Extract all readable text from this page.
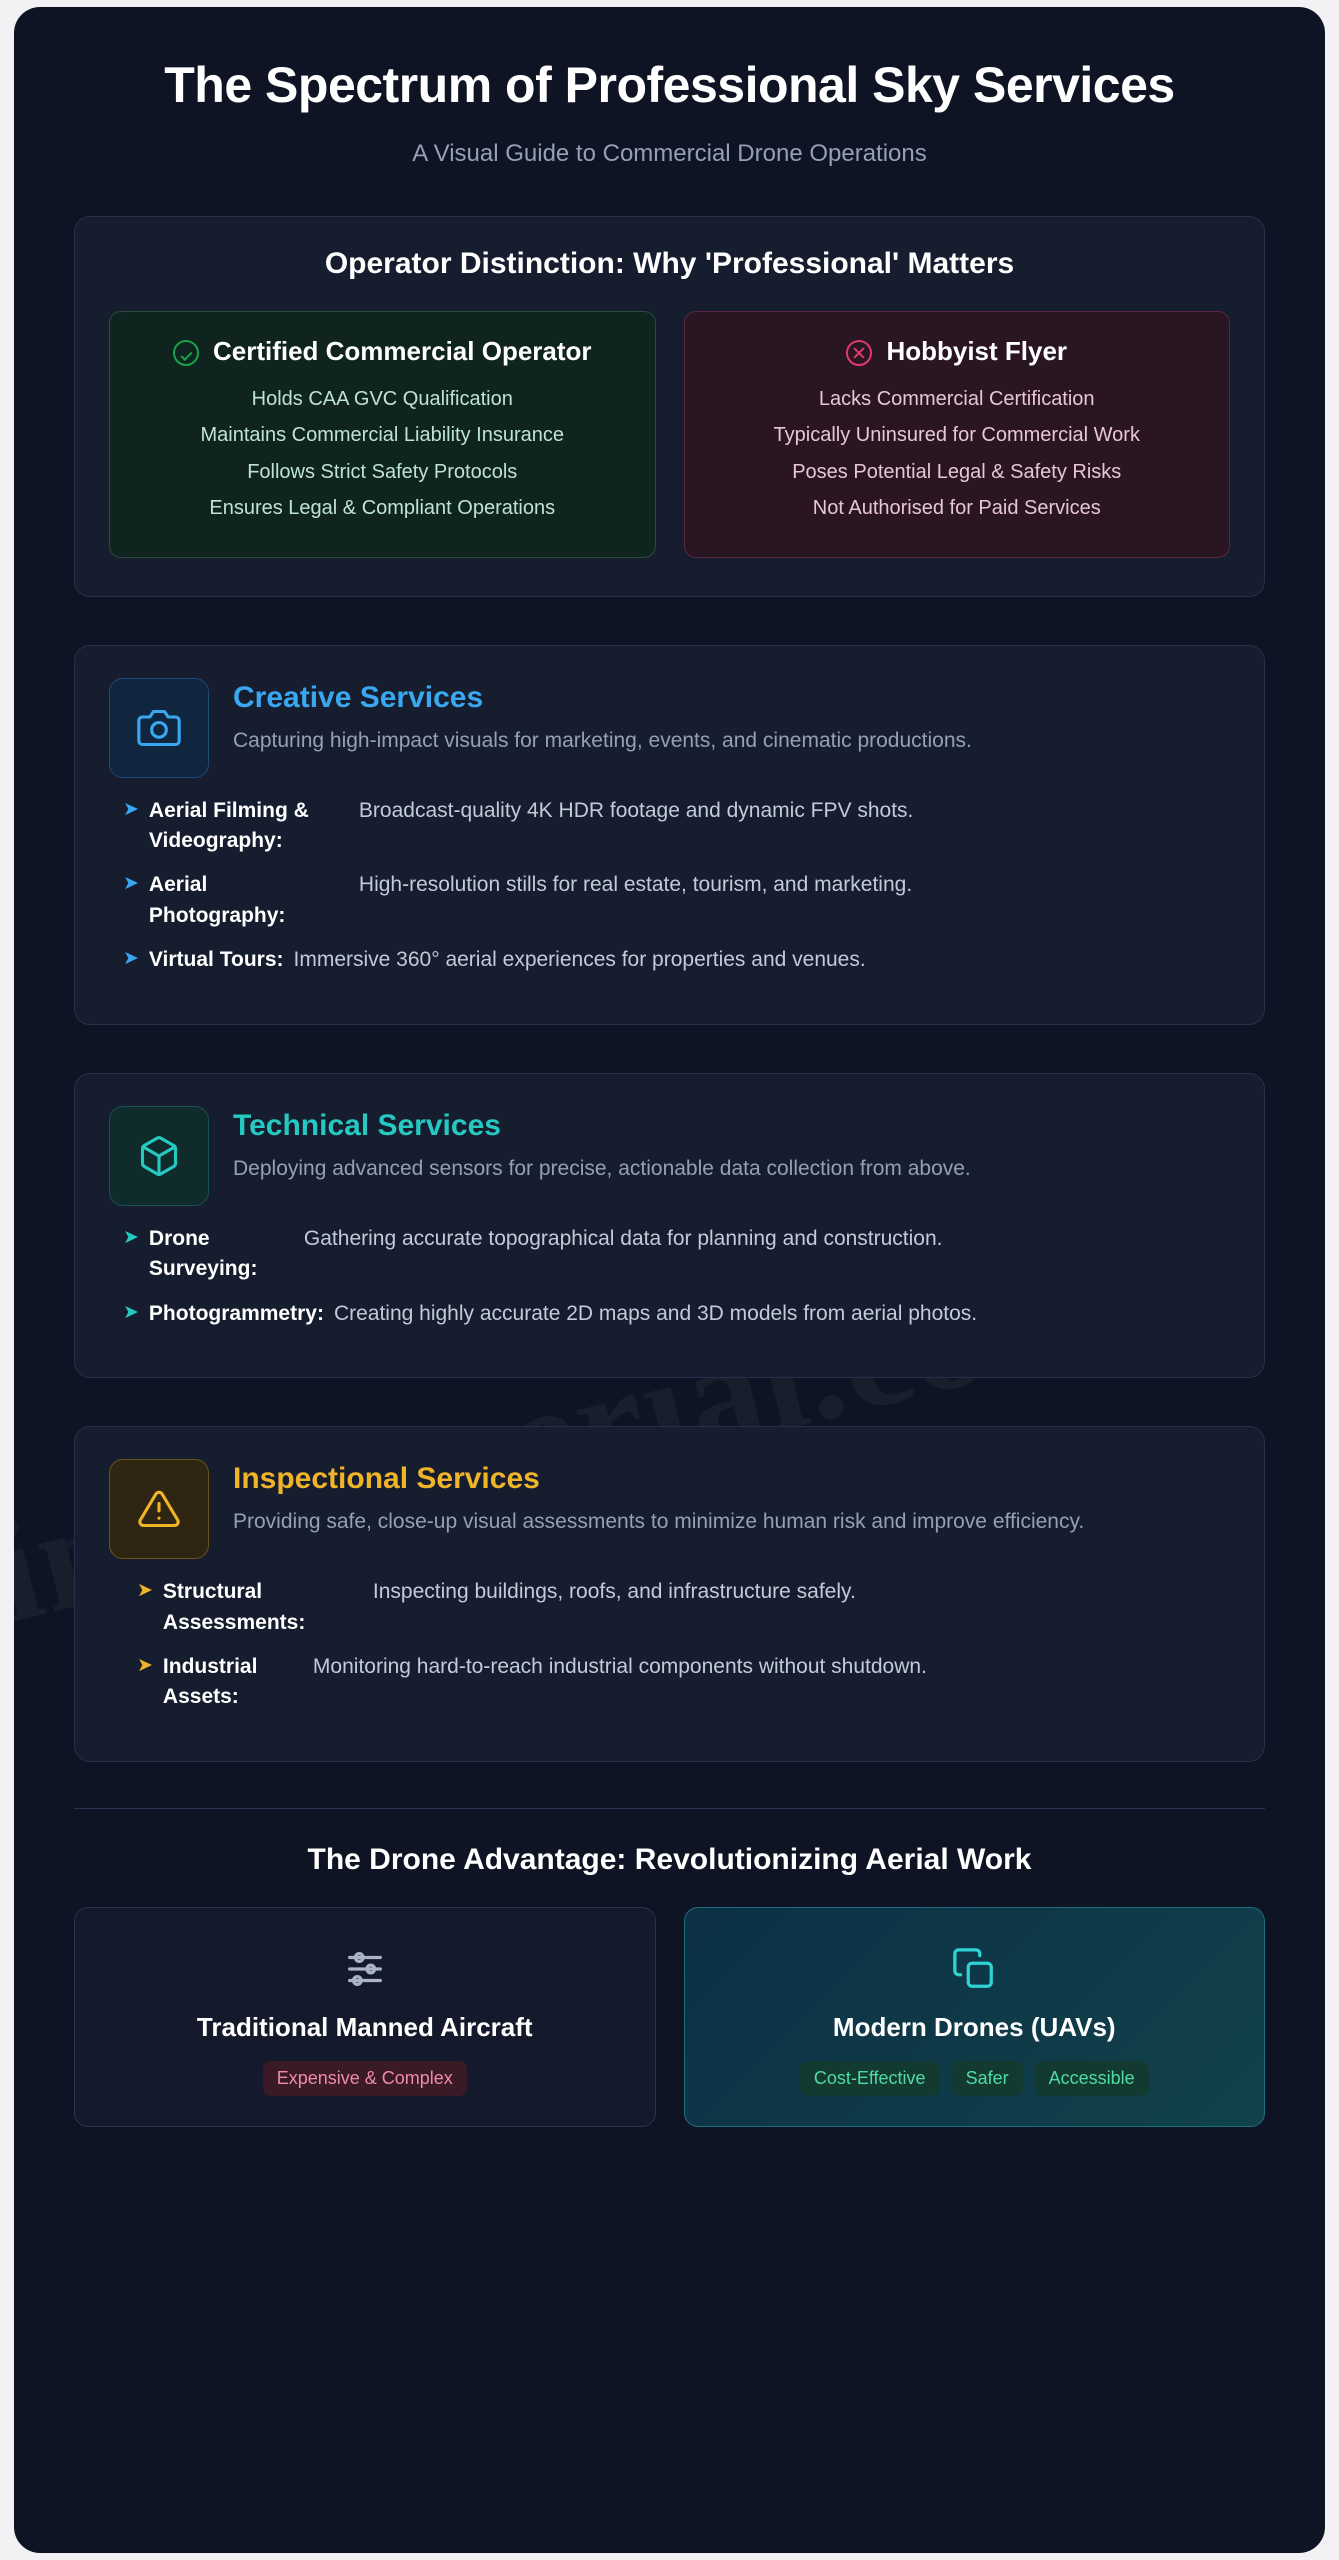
The Spectrum of Professional Sky Services
A Visual Guide to Commercial Drone Operations
Operator Distinction: Why 'Professional' Matters
Certified Commercial Operator
Holds CAA GVC Qualification
Maintains Commercial Liability Insurance
Follows Strict Safety Protocols
Ensures Legal & Compliant Operations
Hobbyist Flyer
Lacks Commercial Certification
Typically Uninsured for Commercial Work
Poses Potential Legal & Safety Risks
Not Authorised for Paid Services
Creative Services
Capturing high-impact visuals for marketing, events, and cinematic productions.
➤ Aerial Filming & Videography:
Broadcast-quality 4K HDR footage and dynamic FPV shots.
➤ Aerial Photography:
High-resolution stills for real estate, tourism, and marketing.
➤ Virtual Tours: Immersive 360° aerial experiences for properties and venues.
Technical Services
Deploying advanced sensors for precise, actionable data collection from above.
➤ Drone Surveying:
Gathering accurate topographical data for planning and construction.
➤ Photogrammetry: Creating highly accurate 2D maps and 3D models from aerial photos.
Inspectional Services
Providing safe, close-up visual assessments to minimize human risk and improve efficiency.
➤ Structural Assessments:
Inspecting buildings, roofs, and infrastructure safely.
➤ Industrial Assets:
Monitoring hard-to-reach industrial components without shutdown.
The Drone Advantage: Revolutionizing Aerial Work
Traditional Manned Aircraft
Expensive & Complex
Modern Drones (UAVs)
Cost-Effective	Safer	Accessible
